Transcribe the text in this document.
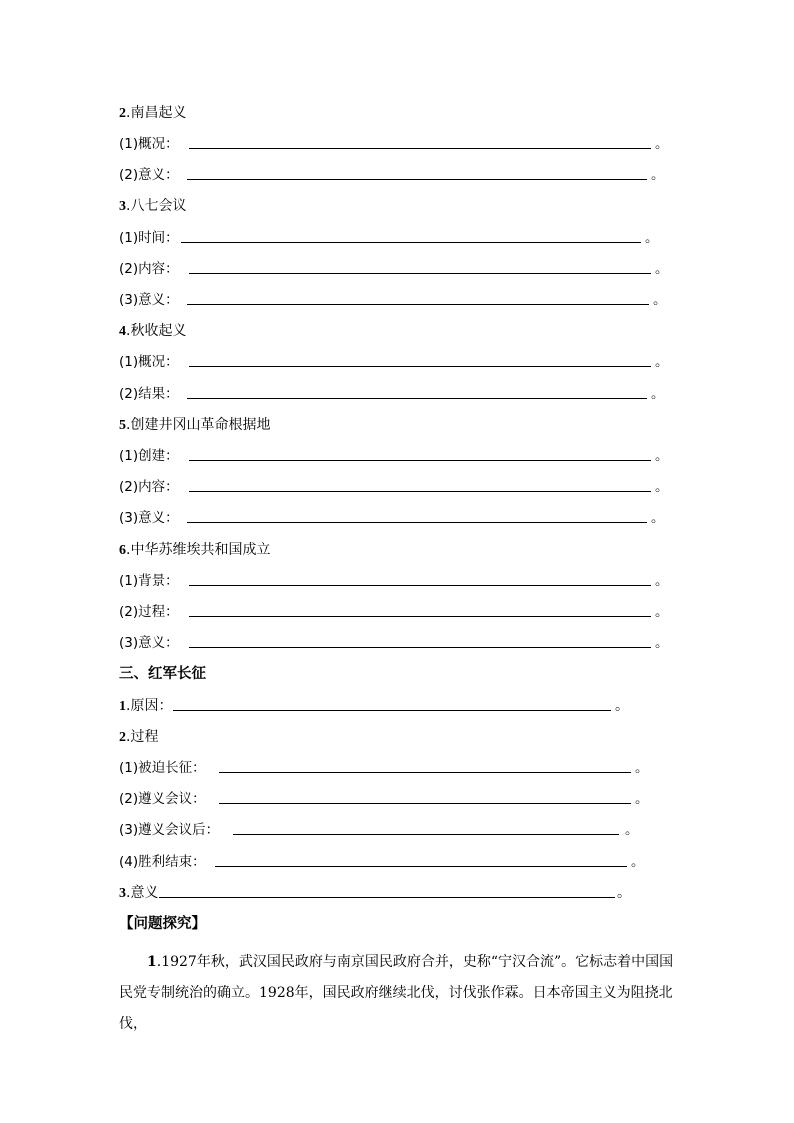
2.南昌起义
(1)概况：	。
(2)意义：	。
3.八七会议
(1)时间：	。
(2)内容：	。
(3)意义：	。
4.秋收起义
(1)概况：	。
(2)结果：	。
5.创建井冈山革命根据地
(1)创建：	。
(2)内容：	。
(3)意义：	。
6.中华苏维埃共和国成立
(1)背景：	。
(2)过程：	。
(3)意义：	。
三、红军长征
1.原因：	。
2.过程
(1)被迫长征：	。
(2)遵义会议：	。
(3)遵义会议后：	。
(4)胜利结束：	。
3.意义	。
【问题探究】
1.1927年秋，武汉国民政府与南京国民政府合并，史称“宁汉合流”。它标志着中国国民党专制统治的确立。1928年，国民政府继续北伐，讨伐张作霖。日本帝国主义为阻挠北伐，
